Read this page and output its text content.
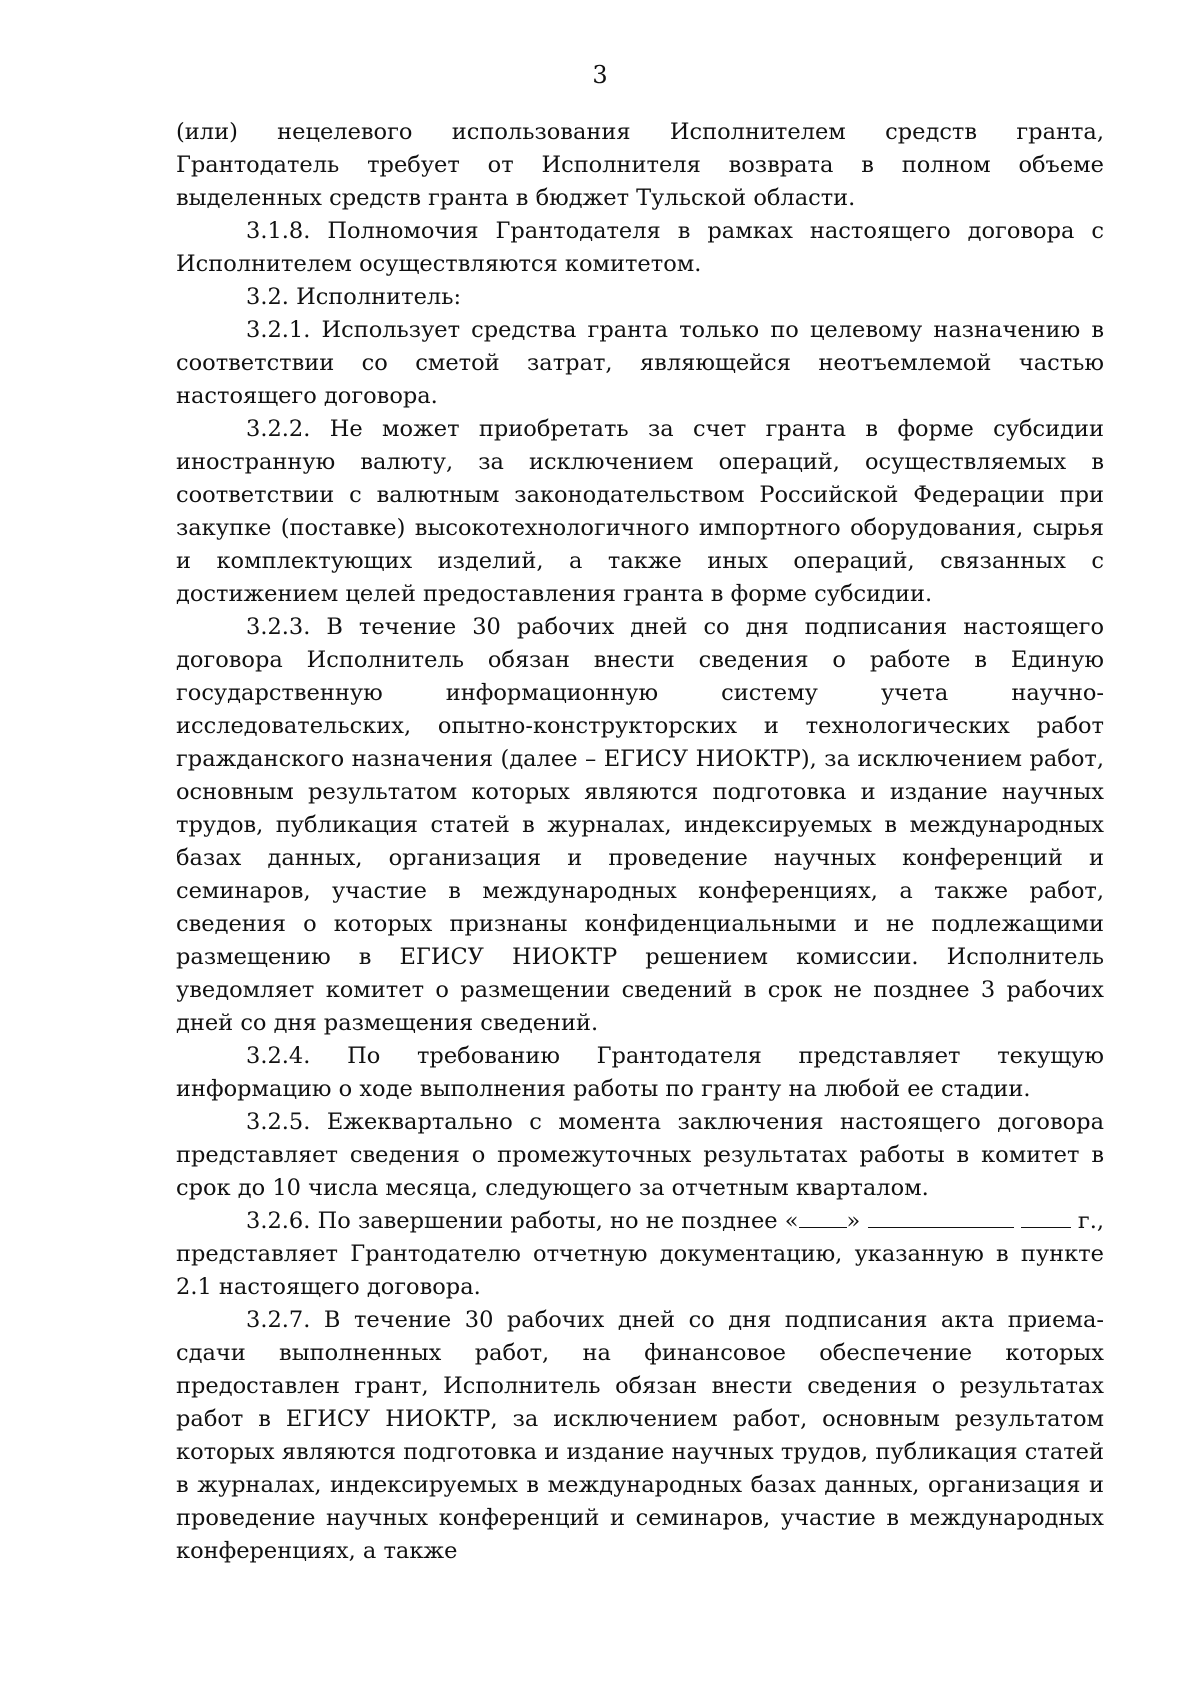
3

(или) нецелевого использования Исполнителем средств гранта, Грантодатель требует от Исполнителя возврата в полном объеме выделенных средств гранта в бюджет Тульской области.

3.1.8. Полномочия Грантодателя в рамках настоящего договора с Исполнителем осуществляются комитетом.

3.2. Исполнитель:

3.2.1. Использует средства гранта только по целевому назначению в соответствии со сметой затрат, являющейся неотъемлемой частью настоящего договора.

3.2.2. Не может приобретать за счет гранта в форме субсидии иностранную валюту, за исключением операций, осуществляемых в соответствии с валютным законодательством Российской Федерации при закупке (поставке) высокотехнологичного импортного оборудования, сырья и комплектующих изделий, а также иных операций, связанных с достижением целей предоставления гранта в форме субсидии.

3.2.3. В течение 30 рабочих дней со дня подписания настоящего договора Исполнитель обязан внести сведения о работе в Единую государственную информационную систему учета научно-исследовательских, опытно-конструкторских и технологических работ гражданского назначения (далее – ЕГИСУ НИОКТР), за исключением работ, основным результатом которых являются подготовка и издание научных трудов, публикация статей в журналах, индексируемых в международных базах данных, организация и проведение научных конференций и семинаров, участие в международных конференциях, а также работ, сведения о которых признаны конфиденциальными и не подлежащими размещению в ЕГИСУ НИОКТР решением комиссии. Исполнитель уведомляет комитет о размещении сведений в срок не позднее 3 рабочих дней со дня размещения сведений.

3.2.4. По требованию Грантодателя представляет текущую информацию о ходе выполнения работы по гранту на любой ее стадии.

3.2.5. Ежеквартально с момента заключения настоящего договора представляет сведения о промежуточных результатах работы в комитет в срок до 10 числа месяца, следующего за отчетным кварталом.

3.2.6. По завершении работы, но не позднее « »	г., представляет Грантодателю отчетную документацию, указанную в пункте 2.1 настоящего договора.

3.2.7. В течение 30 рабочих дней со дня подписания акта приема-сдачи выполненных работ, на финансовое обеспечение которых предоставлен грант, Исполнитель обязан внести сведения о результатах работ в ЕГИСУ НИОКТР, за исключением работ, основным результатом которых являются подготовка и издание научных трудов, публикация статей в журналах, индексируемых в международных базах данных, организация и проведение научных конференций и семинаров, участие в международных конференциях, а также
